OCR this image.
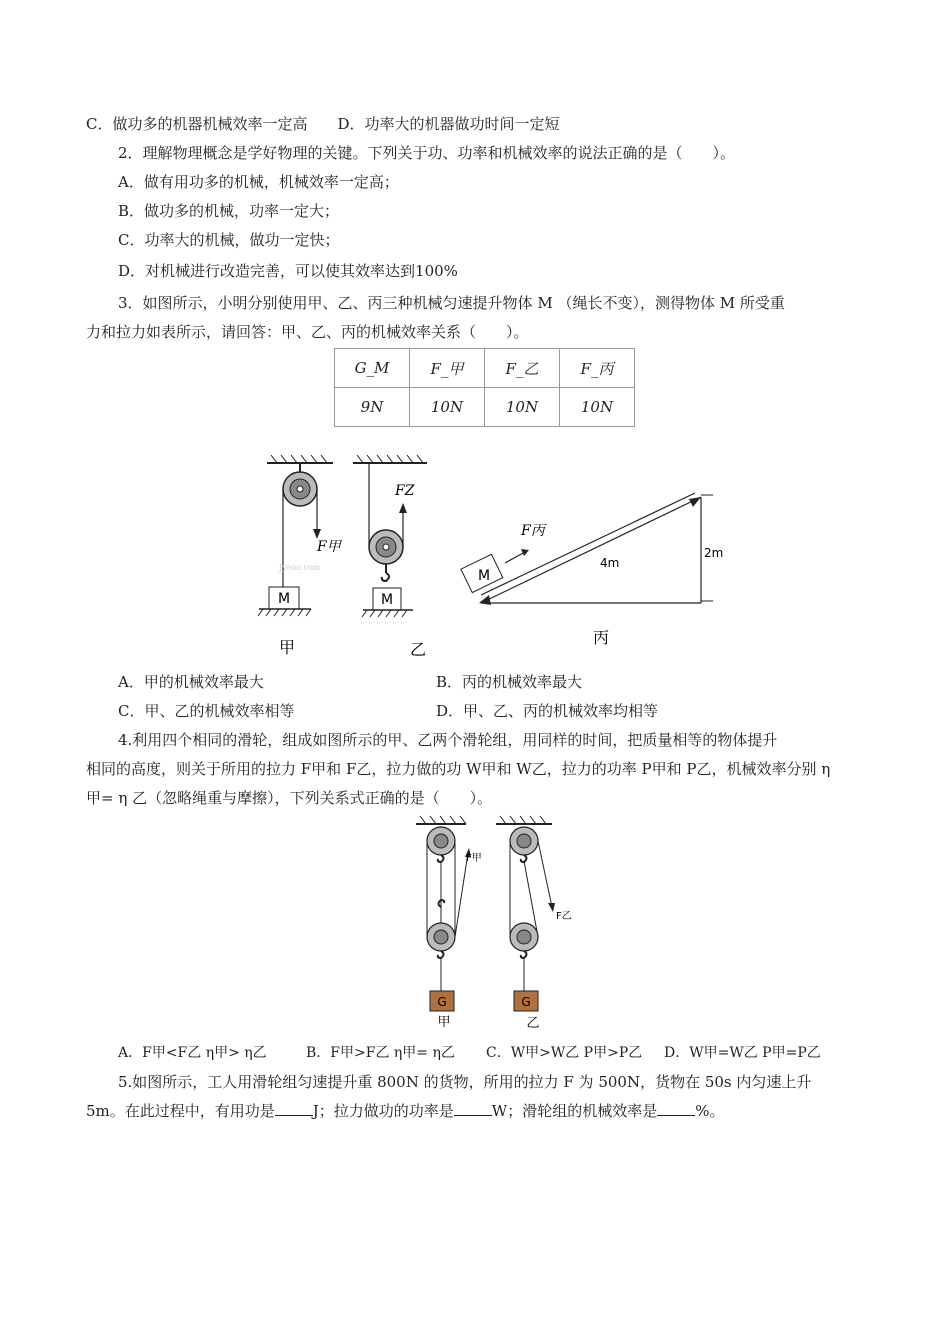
C．做功多的机器机械效率一定高　　D．功率大的机器做功时间一定短
2．理解物理概念是学好物理的关键。下列关于功、功率和机械效率的说法正确的是（　　）。
A．做有用功多的机械，机械效率一定高；
B．做功多的机械，功率一定大；
C．功率大的机械，做功一定快；
D．对机械进行改造完善，可以使其效率达到100%
3．如图所示，小明分别使用甲、乙、丙三种机械匀速提升物体 M （绳长不变），测得物体 M 所受重
力和拉力如表所示，请回答：甲、乙、丙的机械效率关系（　　）。
G_M	F_甲	F_乙	F_丙
9N	10N	10N	10N
M
F甲
Jyeoo.com
甲
M
FZ
乙
M
F丙
4m
2m
丙
A．甲的机械效率最大	B．丙的机械效率最大
C．甲、乙的机械效率相等	D．甲、乙、丙的机械效率均相等
4.利用四个相同的滑轮，组成如图所示的甲、乙两个滑轮组，用同样的时间，把质量相等的物体提升
相同的高度，则关于所用的拉力 F甲和 F乙，拉力做的功 W甲和 W乙，拉力的功率 P甲和 P乙，机械效率分别 η
甲= η 乙（忽略绳重与摩擦），下列关系式正确的是（　　）。
G
F甲
甲
G
F乙
乙
A．F甲<F乙 η甲> η乙	B．F甲>F乙 η甲= η乙 C．W甲>W乙 P甲>P乙 D．W甲=W乙 P甲=P乙
5.如图所示，工人用滑轮组匀速提升重 800N 的货物，所用的拉力 F 为 500N，货物在 50s 内匀速上升
5m。在此过程中，有用功是	J；拉力做功的功率是	W；滑轮组的机械效率是	%。
